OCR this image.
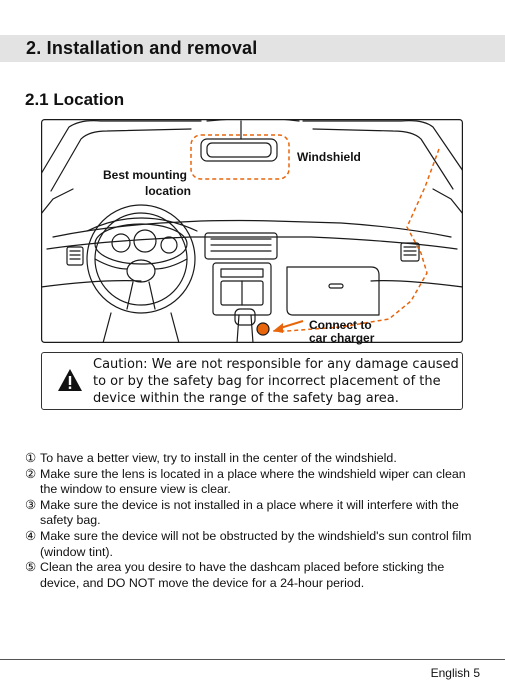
2. Installation and removal
2.1 Location
Windshield
Best mounting
location
Connect to
car charger
Caution: We are not responsible for any damage caused to or by the safety bag for incorrect placement of the device within the range of the safety bag area.
① To have a better view, try to install in the center of the windshield.
② Make sure the lens is located in a place where the windshield wiper can clean the window to ensure view is clear.
③ Make sure the device is not installed in a place where it will interfere with the safety bag.
④ Make sure the device will not be obstructed by the windshield's sun control film (window tint).
⑤ Clean the area you desire to have the dashcam placed before sticking the device, and DO NOT move the device for a 24-hour period.
English 5
